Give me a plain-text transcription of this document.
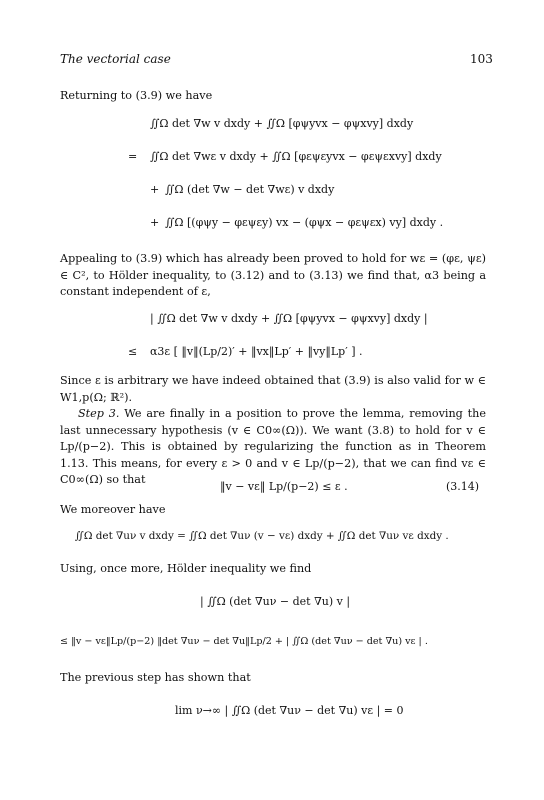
The vectorial case	103
Returning to (3.9) we have
∬Ω det ∇w v dxdy + ∬Ω [φψyvx − φψxvy] dxdy
= ∬Ω det ∇wε v dxdy + ∬Ω [φεψεyvx − φεψεxvy] dxdy
+ ∬Ω (det ∇w − det ∇wε) v dxdy
+ ∬Ω [(φψy − φεψεy) vx − (φψx − φεψεx) vy] dxdy .
Appealing to (3.9) which has already been proved to hold for wε = (φε, ψε) ∈ C², to Hölder inequality, to (3.12) and to (3.13) we find that, α3 being a constant independent of ε,
| ∬Ω det ∇w v dxdy + ∬Ω [φψyvx − φψxvy] dxdy |
≤ α3ε [ ‖v‖(Lp/2)′ + ‖vx‖Lp′ + ‖vy‖Lp′ ] .
Since ε is arbitrary we have indeed obtained that (3.9) is also valid for w ∈ W1,p(Ω; ℝ²).
Step 3. We are finally in a position to prove the lemma, removing the last unnecessary hypothesis (v ∈ C0∞(Ω)). We want (3.8) to hold for v ∈ Lp/(p−2). This is obtained by regularizing the function as in Theorem 1.13. This means, for every ε > 0 and v ∈ Lp/(p−2), that we can find vε ∈ C0∞(Ω) so that
‖v − vε‖ Lp/(p−2) ≤ ε .	(3.14)
We moreover have
∬Ω det ∇uν v dxdy = ∬Ω det ∇uν (v − vε) dxdy + ∬Ω det ∇uν vε dxdy .
Using, once more, Hölder inequality we find
| ∬Ω (det ∇uν − det ∇u) v |
≤ ‖v − vε‖Lp/(p−2) ‖det ∇uν − det ∇u‖Lp/2 + | ∬Ω (det ∇uν − det ∇u) vε | .
The previous step has shown that
lim ν→∞ | ∬Ω (det ∇uν − det ∇u) vε | = 0
